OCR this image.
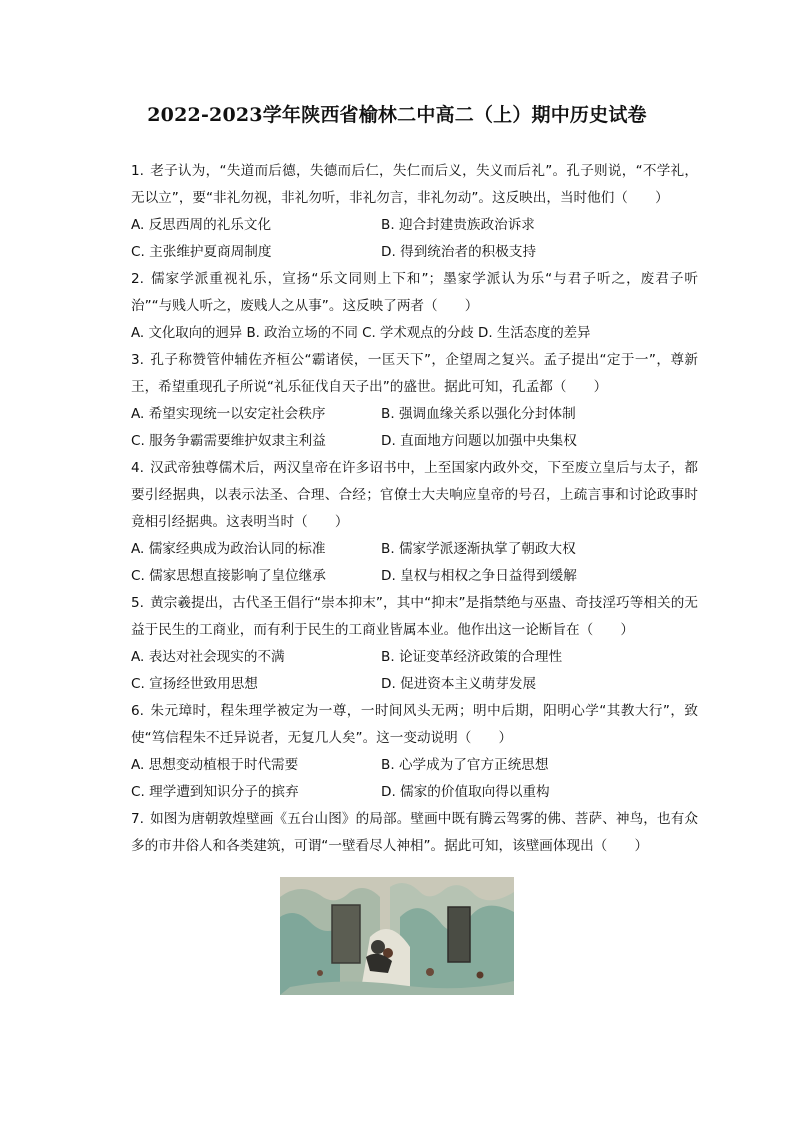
2022-2023学年陕西省榆林二中高二（上）期中历史试卷

1. 老子认为，“失道而后德，失德而后仁，失仁而后义，失义而后礼”。孔子则说，“不学礼，无以立”，要“非礼勿视，非礼勿听，非礼勿言，非礼勿动”。这反映出，当时他们（　　）

A. 反思西周的礼乐文化	B. 迎合封建贵族政治诉求
C. 主张维护夏商周制度	D. 得到统治者的积极支持

2. 儒家学派重视礼乐，宣扬“乐文同则上下和”；墨家学派认为乐“与君子听之，废君子听治”“与贱人听之，废贱人之从事”。这反映了两者（　　）

A. 文化取向的迥异 B. 政治立场的不同 C. 学术观点的分歧 D. 生活态度的差异

3. 孔子称赞管仲辅佐齐桓公“霸诸侯，一匡天下”，企望周之复兴。孟子提出“定于一”，尊新王，希望重现孔子所说“礼乐征伐自天子出”的盛世。据此可知，孔孟都（　　）

A. 希望实现统一以安定社会秩序	B. 强调血缘关系以强化分封体制
C. 服务争霸需要维护奴隶主利益	D. 直面地方问题以加强中央集权

4. 汉武帝独尊儒术后，两汉皇帝在许多诏书中，上至国家内政外交，下至废立皇后与太子，都要引经据典，以表示法圣、合理、合经；官僚士大夫响应皇帝的号召，上疏言事和讨论政事时竟相引经据典。这表明当时（　　）

A. 儒家经典成为政治认同的标准	B. 儒家学派逐渐执掌了朝政大权
C. 儒家思想直接影响了皇位继承	D. 皇权与相权之争日益得到缓解

5. 黄宗羲提出，古代圣王倡行“崇本抑末”，其中“抑末”是指禁绝与巫蛊、奇技淫巧等相关的无益于民生的工商业，而有利于民生的工商业皆属本业。他作出这一论断旨在（　　）

A. 表达对社会现实的不满	B. 论证变革经济政策的合理性
C. 宣扬经世致用思想	D. 促进资本主义萌芽发展

6. 朱元璋时，程朱理学被定为一尊，一时间风头无两；明中后期，阳明心学“其教大行”，致使“笃信程朱不迁异说者，无复几人矣”。这一变动说明（　　）

A. 思想变动植根于时代需要	B. 心学成为了官方正统思想
C. 理学遭到知识分子的摈弃	D. 儒家的价值取向得以重构

7. 如图为唐朝敦煌壁画《五台山图》的局部。壁画中既有腾云驾雾的佛、菩萨、神鸟，也有众多的市井俗人和各类建筑，可谓“一壁看尽人神相”。据此可知，该壁画体现出（　　）
